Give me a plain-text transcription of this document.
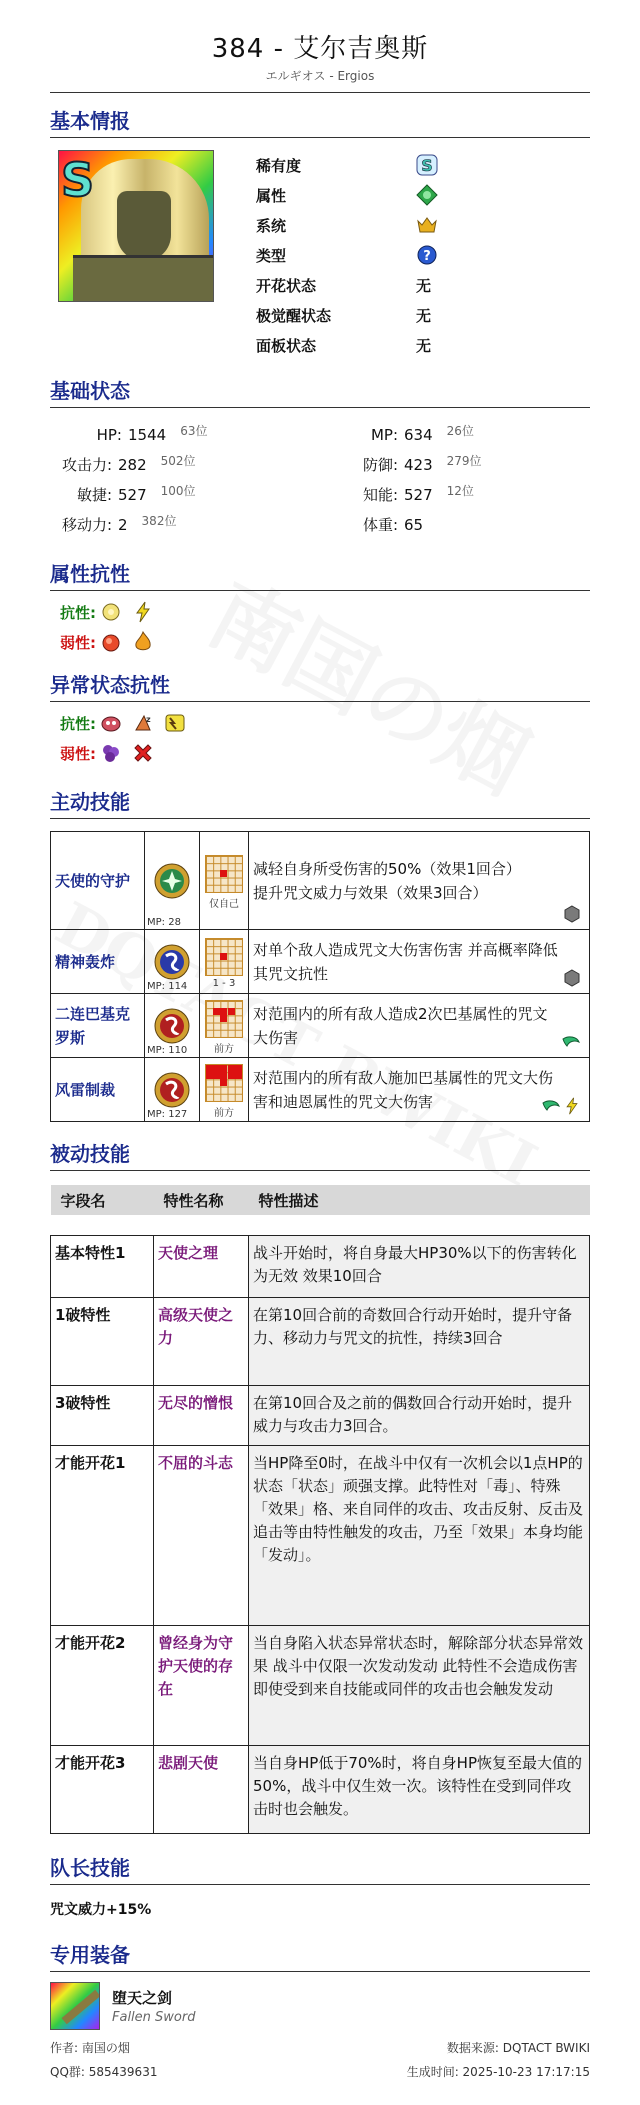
384 - 艾尔吉奥斯
エルギオス - Ergios
基本情报
S	稀有度	S
属性
系统
类型	?
开花状态	无
极觉醒状态	无
面板状态	无
基础状态
HP: 1544 $^{63位}$
攻击力: 282 $^{502位}$
敏捷: 527 $^{100位}$
移动力: 2 $^{382位}$
MP: 634 $^{26位}$
防御: 423 $^{279位}$
知能: 527 $^{12位}$
体重: 65
属性抗性
抗性:
弱性:
异常状态抗性
抗性:	z
弱性:
主动技能
天使的守护	MP: 28	仅自己	减轻自身所受伤害的50%（效果1回合）
提升咒文威力与效果（效果3回合）

精神轰炸	MP: 114	1 - 3	对单个敌人造成咒文大伤害伤害 并高概率降低其咒文抗性

二连巴基克罗斯	MP: 110	前方	对范围内的所有敌人造成2次巴基属性的咒文大伤害

风雷制裁	MP: 127	前方	对范围内的所有敌人施加巴基属性的咒文大伤害和迪恩属性的咒文大伤害
被动技能
字段名	特性名称	特性描述

基本特性1	天使之理	战斗开始时，将自身最大HP30%以下的伤害转化为无效 效果10回合
1破特性	高级天使之力	在第10回合前的奇数回合行动开始时，提升守备力、移动力与咒文的抗性，持续3回合
3破特性	无尽的憎恨	在第10回合及之前的偶数回合行动开始时，提升威力与攻击力3回合。
才能开花1	不屈的斗志	当HP降至0时，在战斗中仅有一次机会以1点HP的状态「状态」顽强支撑。此特性对「毒」、特殊「效果」格、来自同伴的攻击、攻击反射、反击及追击等由特性触发的攻击，乃至「效果」本身均能「发动」。
才能开花2	曾经身为守护天使的存在	当自身陷入状态异常状态时，解除部分状态异常效果 战斗中仅限一次发动发动 此特性不会造成伤害 即使受到来自技能或同伴的攻击也会触发发动
才能开花3	悲剧天使	当自身HP低于70%时，将自身HP恢复至最大值的50%，战斗中仅生效一次。该特性在受到同伴攻击时也会触发。
队长技能
咒文威力+15%
专用装备
堕天之剑
Fallen Sword
作者: 南国の烟	数据来源: DQTACT BWIKI
QQ群: 585439631	生成时间: 2025-10-23 17:17:15
